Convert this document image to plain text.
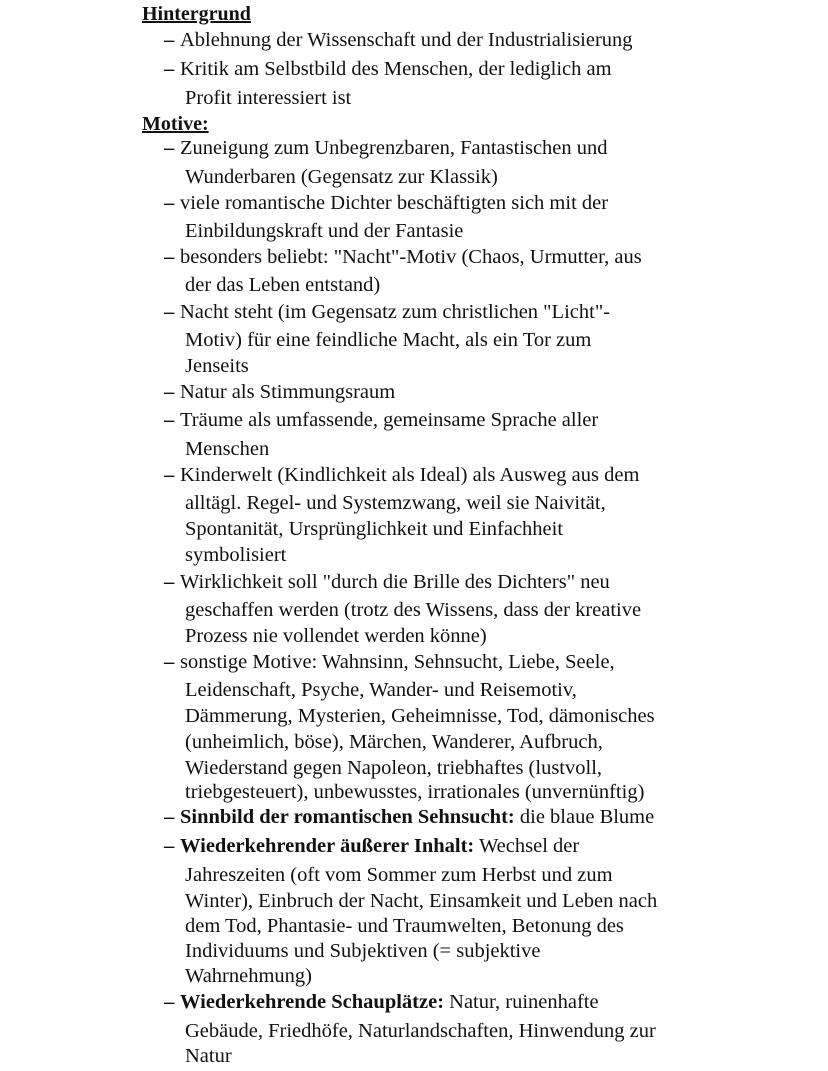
Hintergrund
– Ablehnung der Wissenschaft und der Industrialisierung
– Kritik am Selbstbild des Menschen, der lediglich am
Profit interessiert ist
Motive:
– Zuneigung zum Unbegrenzbaren, Fantastischen und
Wunderbaren (Gegensatz zur Klassik)
– viele romantische Dichter beschäftigten sich mit der
Einbildungskraft und der Fantasie
– besonders beliebt: "Nacht"-Motiv (Chaos, Urmutter, aus
der das Leben entstand)
– Nacht steht (im Gegensatz zum christlichen "Licht"-
Motiv) für eine feindliche Macht, als ein Tor zum
Jenseits
– Natur als Stimmungsraum
– Träume als umfassende, gemeinsame Sprache aller
Menschen
– Kinderwelt (Kindlichkeit als Ideal) als Ausweg aus dem
alltägl. Regel- und Systemzwang, weil sie Naivität,
Spontanität, Ursprünglichkeit und Einfachheit
symbolisiert
– Wirklichkeit soll "durch die Brille des Dichters" neu
geschaffen werden (trotz des Wissens, dass der kreative
Prozess nie vollendet werden könne)
– sonstige Motive: Wahnsinn, Sehnsucht, Liebe, Seele,
Leidenschaft, Psyche, Wander- und Reisemotiv,
Dämmerung, Mysterien, Geheimnisse, Tod, dämonisches
(unheimlich, böse), Märchen, Wanderer, Aufbruch,
Wiederstand gegen Napoleon, triebhaftes (lustvoll,
triebgesteuert), unbewusstes, irrationales (unvernünftig)
– Sinnbild der romantischen Sehnsucht: die blaue Blume
– Wiederkehrender äußerer Inhalt: Wechsel der
Jahreszeiten (oft vom Sommer zum Herbst und zum
Winter), Einbruch der Nacht, Einsamkeit und Leben nach
dem Tod, Phantasie- und Traumwelten, Betonung des
Individuums und Subjektiven (= subjektive
Wahrnehmung)
– Wiederkehrende Schauplätze: Natur, ruinenhafte
Gebäude, Friedhöfe, Naturlandschaften, Hinwendung zur
Natur
